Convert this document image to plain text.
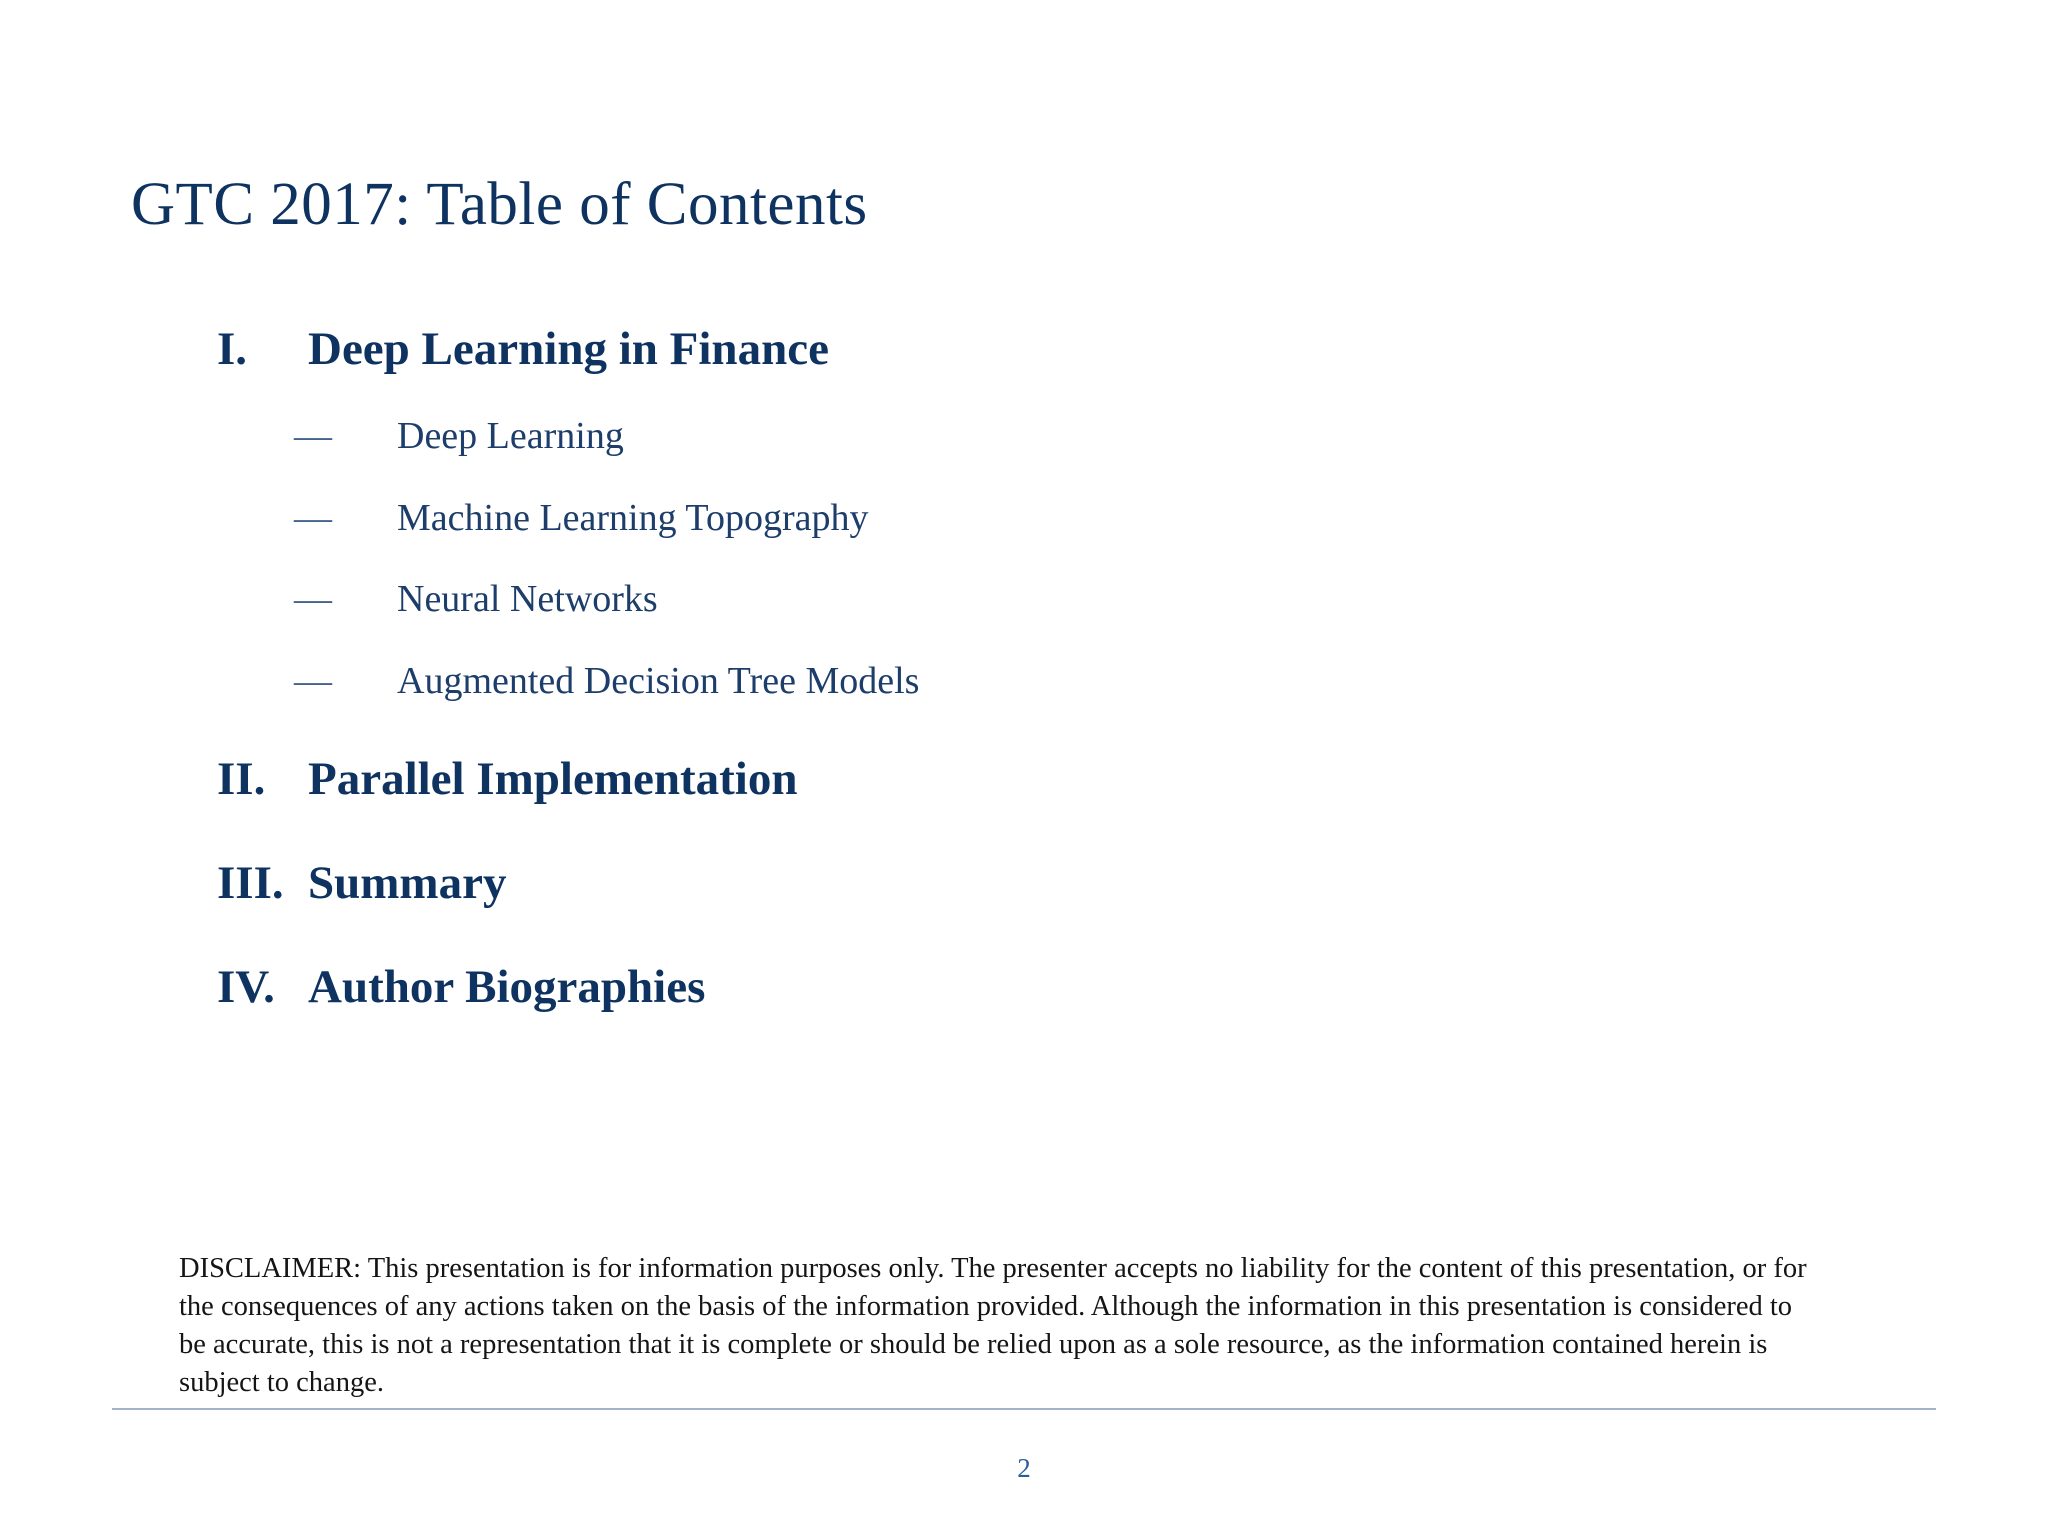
GTC 2017: Table of Contents
I. Deep Learning in Finance
— Deep Learning
— Machine Learning Topography
— Neural Networks
— Augmented Decision Tree Models
II. Parallel Implementation
III. Summary
IV. Author Biographies
DISCLAIMER: This presentation is for information purposes only. The presenter accepts no liability for the content of this presentation, or for the consequences of any actions taken on the basis of the information provided. Although the information in this presentation is considered to be accurate, this is not a representation that it is complete or should be relied upon as a sole resource, as the information contained herein is subject to change.
2
